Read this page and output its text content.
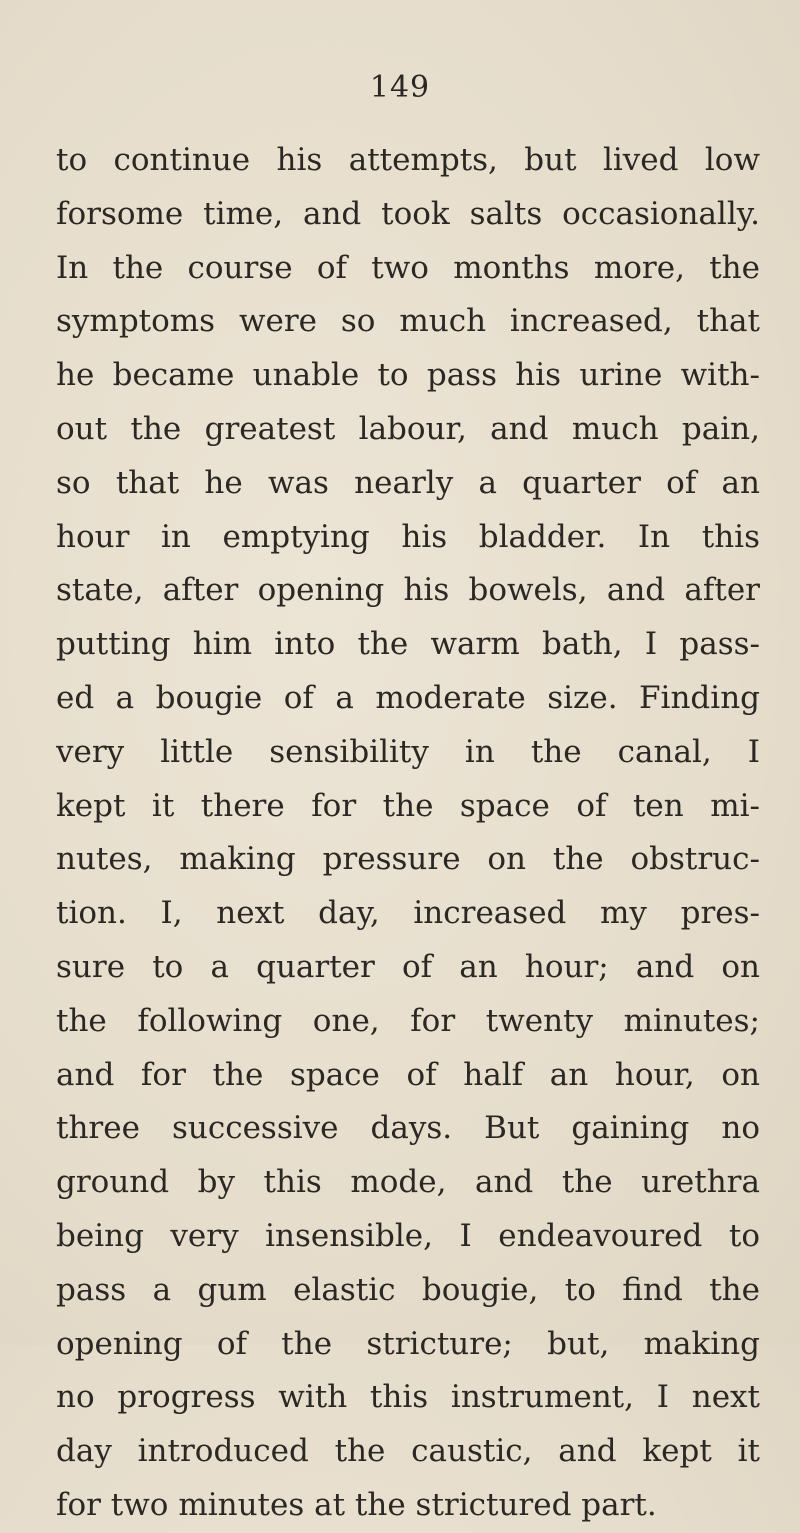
149
to continue his attempts, but lived low
forsome time, and took salts occasionally.
In the course of two months more, the
symptoms were so much increased, that
he became unable to pass his urine with-
out the greatest labour, and much pain,
so that he was nearly a quarter of an
hour in emptying his bladder. In this
state, after opening his bowels, and after
putting him into the warm bath, I pass-
ed a bougie of a moderate size. Finding
very little sensibility in the canal, I
kept it there for the space of ten mi-
nutes, making pressure on the obstruc-
tion. I, next day, increased my pres-
sure to a quarter of an hour; and on
the following one, for twenty minutes;
and for the space of half an hour, on
three successive days. But gaining no
ground by this mode, and the urethra
being very insensible, I endeavoured to
pass a gum elastic bougie, to find the
opening of the stricture; but, making
no progress with this instrument, I next
day introduced the caustic, and kept it
for two minutes at the strictured part.
